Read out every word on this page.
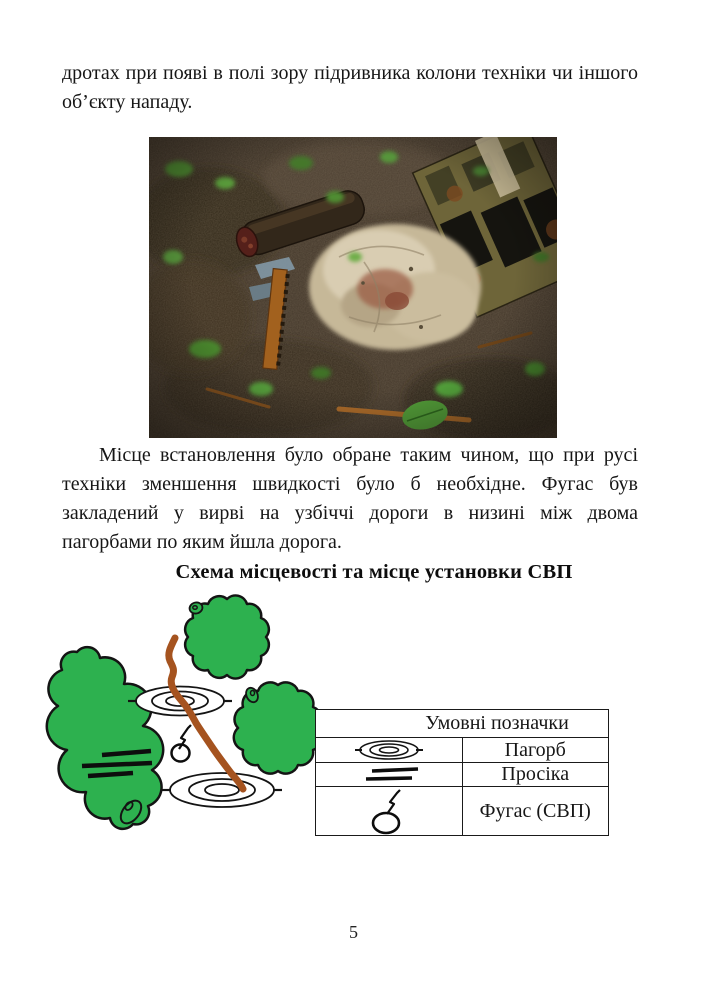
дротах при появі в полі зору підривника колони техніки чи іншого об’єкту нападу.

Місце встановлення було обране таким чином, що при русі техніки зменшення швидкості було б необхідне. Фугас був закладений у вирві на узбіччі дороги в низині між двома пагорбами по яким йшла дорога.

Схема місцевості та місце установки СВП
Умовні позначки	

	Пагорб

	Просіка

	Фугас (СВП)
5
